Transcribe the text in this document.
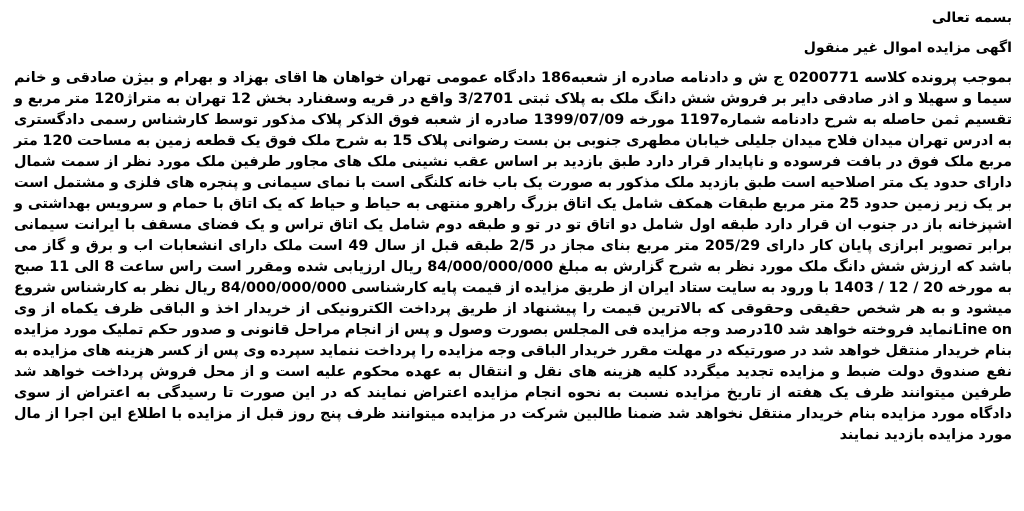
بسمه تعالی

اگهی مزایده اموال غیر منقول

بموجب پرونده کلاسه 0200771 ج ش و دادنامه صادره از شعبه186 دادگاه عمومی تهران خواهان ها اقای بهزاد و بهرام و بیژن صادقی و خانم سیما و سهیلا و اذر صادقی دایر بر فروش شش دانگ ملک به پلاک ثبتی 3/2701 واقع در قریه وسفنارد بخش 12 تهران به متراژ120 متر مربع و تقسیم ثمن حاصله به شرح دادنامه شماره1197 مورخه 1399/07/09 صادره از شعبه فوق الذکر پلاک مذکور توسط کارشناس رسمی دادگستری به ادرس تهران میدان فلاح میدان جلیلی خیابان مطهری جنوبی بن بست رضوانی پلاک 15 به شرح ملک فوق یک قطعه زمین به مساحت 120 متر مربع ملک فوق در بافت فرسوده و ناپایدار قرار دارد طبق بازدید بر اساس عقب نشینی ملک های مجاور طرفین ملک مورد نظر از سمت شمال دارای حدود یک متر اصلاحیه است طبق بازدید ملک مذکور به صورت یک باب خانه کلنگی است با نمای سیمانی و پنجره های فلزی و مشتمل است بر یک زیر زمین حدود 25 متر مربع طبقات همکف شامل یک اتاق بزرگ راهرو منتهی به حیاط و حیاط که یک اتاق با حمام و سرویس بهداشتی و اشپزخانه باز در جنوب ان قرار دارد طبقه اول شامل دو اتاق تو در تو و طبقه دوم شامل یک اتاق تراس و یک فضای مسقف با ایرانت سیمانی برابر تصویر ابرازی پایان کار دارای 205/29 متر مربع بنای مجاز در 2/5 طبقه قبل از سال 49 است ملک دارای انشعابات اب و برق و گاز می باشد که ارزش شش دانگ ملک مورد نظر به شرح گزارش به مبلغ 84/000/000/000 ریال ارزیابی شده ومقرر است راس ساعت 8 الی 11 صبح به مورخه 20 / 12 / 1403 با ورود به سایت ستاد ایران از طریق مزایده از قیمت پایه کارشناسی 84/000/000/000 ریال نظر به کارشناس شروع میشود و به هر شخص حقیقی وحقوقی که بالاترین قیمت را پیشنهاد از طریق پرداخت الکترونیکی از خریدار اخذ و الباقی ظرف یکماه از وی Line onنماید فروخته خواهد شد 10درصد وجه مزایده فی المجلس بصورت وصول و پس از انجام مراحل قانونی و صدور حکم تملیک مورد مزایده بنام خریدار منتقل خواهد شد در صورتیکه در مهلت مقرر خریدار الباقی وجه مزایده را پرداخت ننماید سپرده وی پس از کسر هزینه های مزایده به نفع صندوق دولت ضبط و مزایده تجدید میگردد کلیه هزینه های نقل و انتقال به عهده محکوم علیه است و از محل فروش پرداخت خواهد شد طرفین میتوانند ظرف یک هفته از تاریخ مزایده نسبت به نحوه انجام مزایده اعتراض نمایند که در این صورت تا رسیدگی به اعتراض از سوی دادگاه مورد مزایده بنام خریدار منتقل نخواهد شد ضمنا طالبین شرکت در مزایده میتوانند ظرف پنج روز قبل از مزایده با اطلاع این اجرا از مال مورد مزایده بازدید نمایند
